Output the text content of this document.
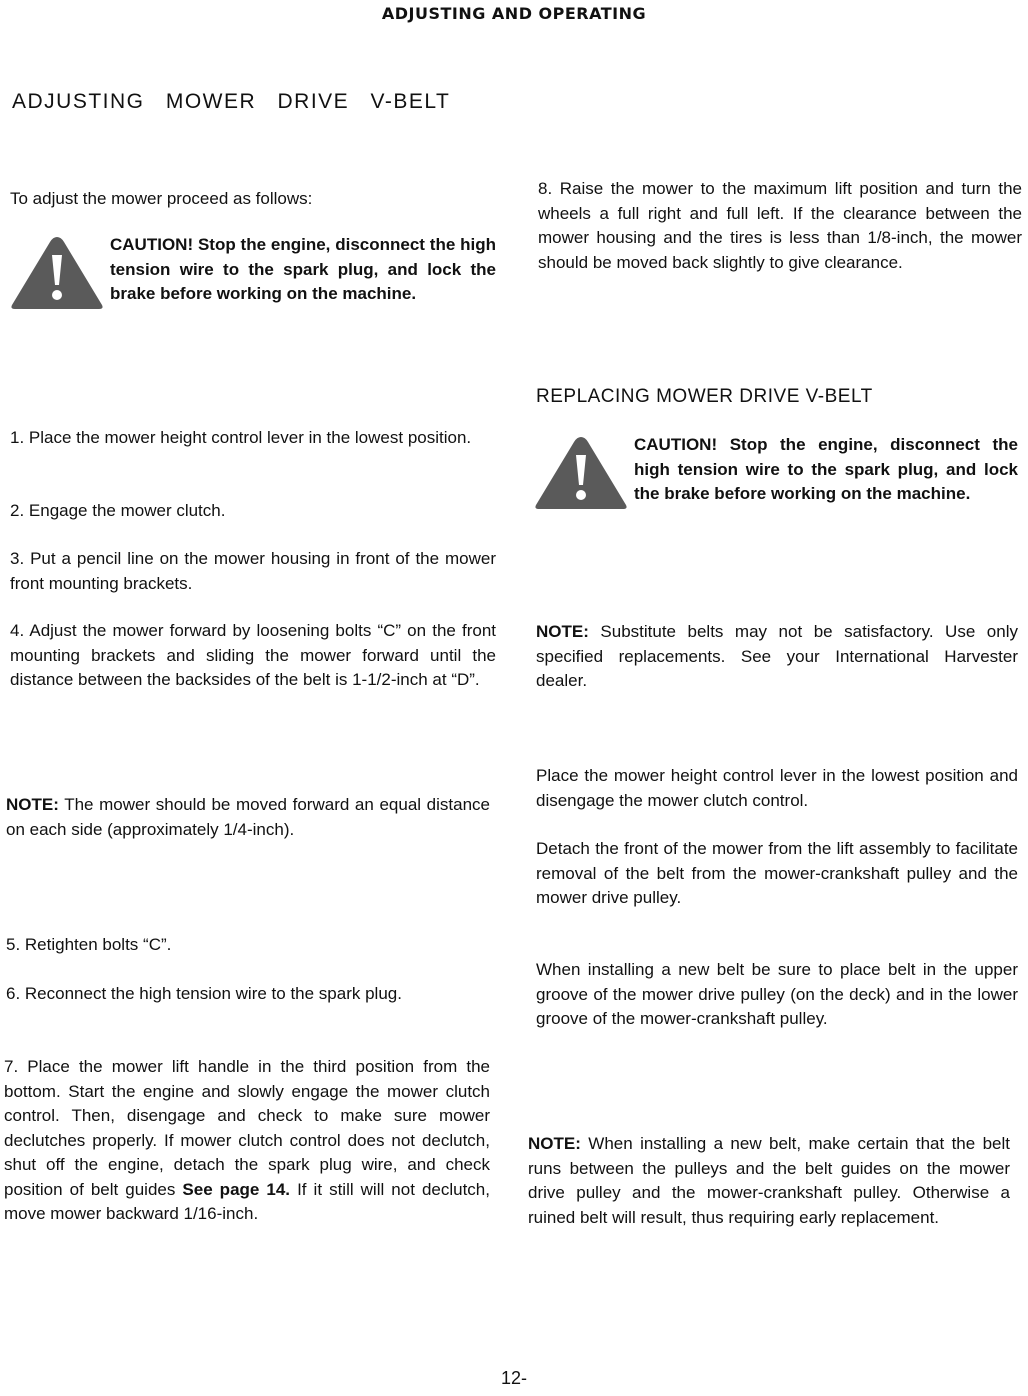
ADJUSTING AND OPERATING
ADJUSTING MOWER DRIVE V-BELT

To adjust the mower proceed as follows:

CAUTION! Stop the engine, disconnect the high tension wire to the spark plug, and lock the brake before working on the machine.

1. Place the mower height control lever in the lowest position.

2. Engage the mower clutch.

3. Put a pencil line on the mower housing in front of the mower front mounting brackets.

4. Adjust the mower forward by loosening bolts “C” on the front mounting brackets and sliding the mower forward until the distance between the backsides of the belt is 1-1/2-inch at “D”.

NOTE: The mower should be moved forward an equal distance on each side (approximately 1/4-inch).

5. Retighten bolts “C”.

6. Reconnect the high tension wire to the spark plug.

7. Place the mower lift handle in the third position from the bottom. Start the engine and slowly engage the mower clutch control. Then, disengage and check to make sure mower declutches properly. If mower clutch control does not declutch, shut off the engine, detach the spark plug wire, and check position of belt guides See page 14. If it still will not declutch, move mower backward 1/16-inch.

8. Raise the mower to the maximum lift position and turn the wheels a full right and full left. If the clearance between the mower housing and the tires is less than 1/8-inch, the mower should be moved back slightly to give clearance.

REPLACING MOWER DRIVE V-BELT
CAUTION! Stop the engine, disconnect the high tension wire to the spark plug, and lock the brake before working on the machine.

NOTE: Substitute belts may not be satisfactory. Use only specified replacements. See your International Harvester dealer.

Place the mower height control lever in the lowest position and disengage the mower clutch control.

Detach the front of the mower from the lift assembly to facilitate removal of the belt from the mower-crankshaft pulley and the mower drive pulley.

When installing a new belt be sure to place belt in the upper groove of the mower drive pulley (on the deck) and in the lower groove of the mower-crankshaft pulley.

NOTE: When installing a new belt, make certain that the belt runs between the pulleys and the belt guides on the mower drive pulley and the mower-crankshaft pulley. Otherwise a ruined belt will result, thus requiring early replacement.

12-
